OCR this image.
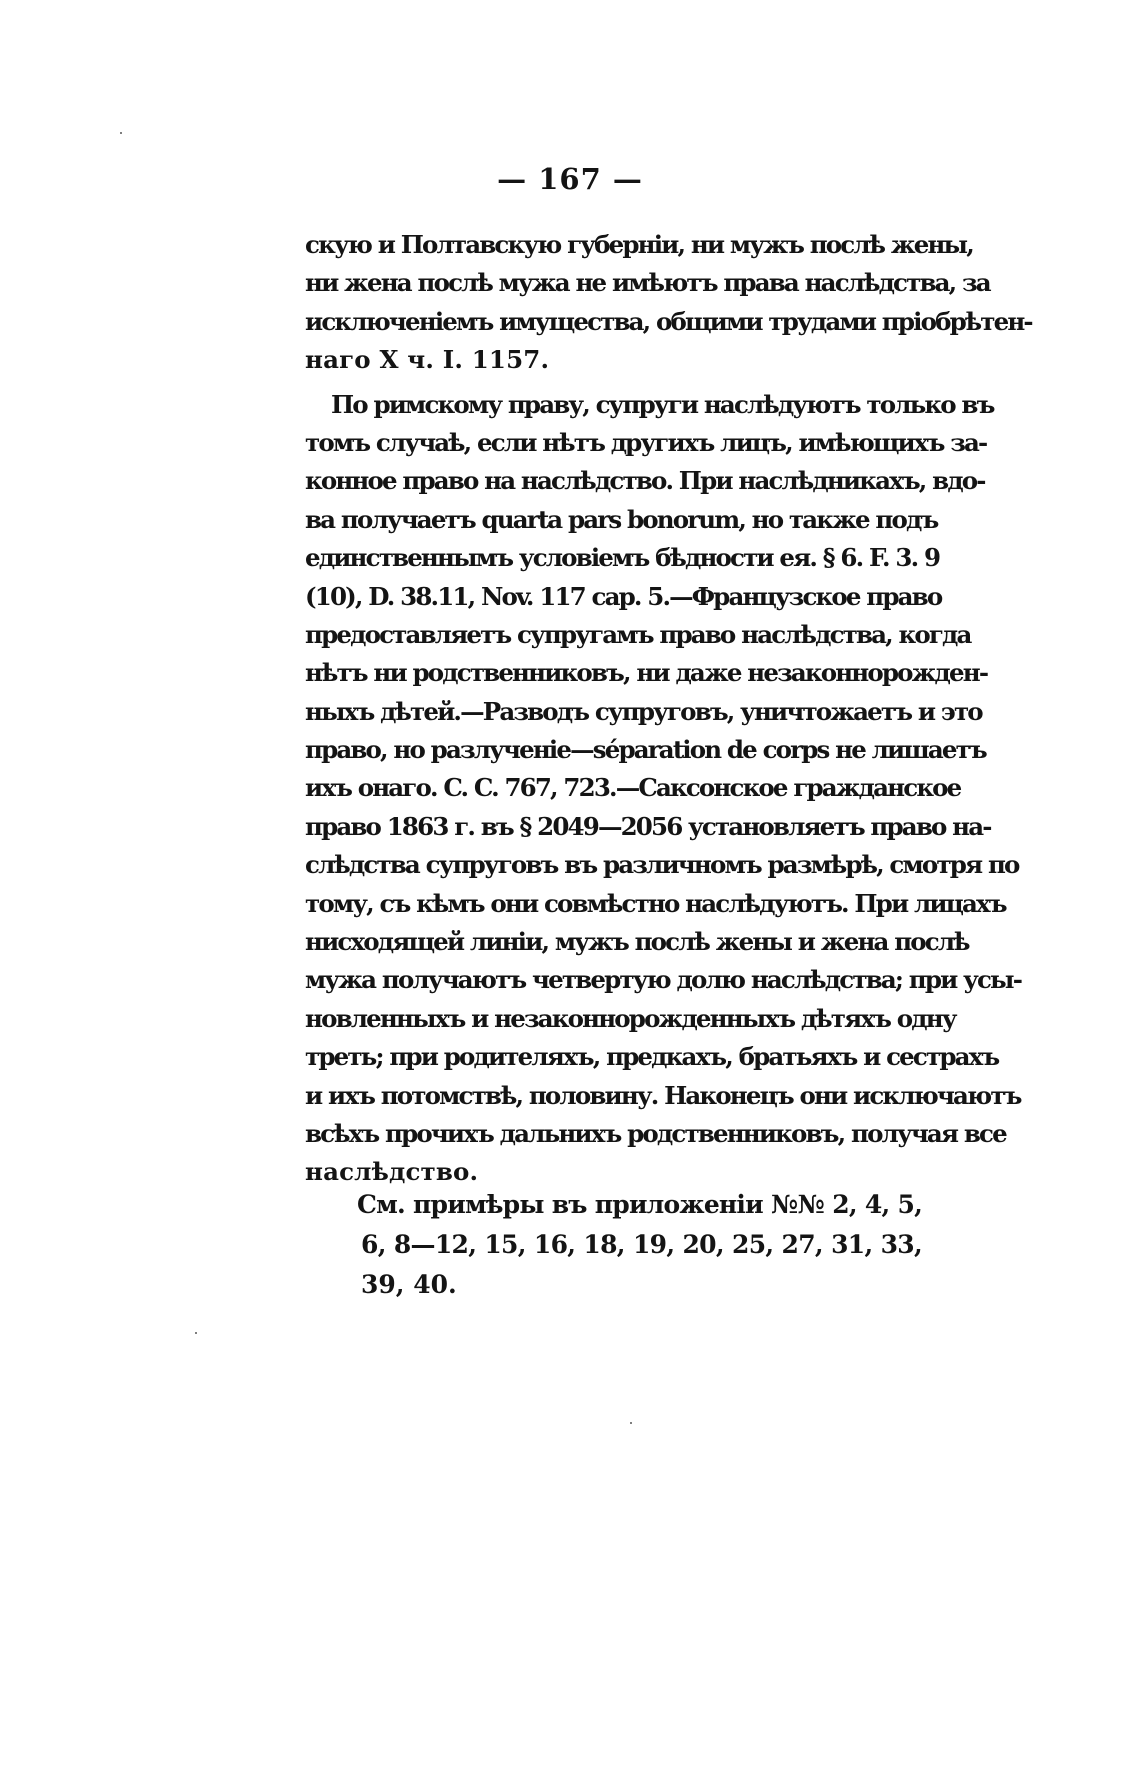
— 167 —
скую и Полтавскую губерніи, ни мужъ послѣ жены,
ни жена послѣ мужа не имѣютъ права наслѣдства, за
исключеніемъ имущества, общими трудами пріобрѣтен-
наго X ч. I. 1157.
По римскому праву, супруги наслѣдуютъ только въ
томъ случаѣ, если нѣтъ другихъ лицъ, имѣющихъ за-
конное право на наслѣдство. При наслѣдникахъ, вдо-
ва получаетъ quarta pars bonorum, но также подъ
единственнымъ условіемъ бѣдности ея. § 6. F. 3. 9
(10), D. 38.11, Nov. 117 cap. 5.—Французское право
предоставляетъ супругамъ право наслѣдства, когда
нѣтъ ни родственниковъ, ни даже незаконнорожден-
ныхъ дѣтей.—Разводъ супруговъ, уничтожаетъ и это
право, но разлученіе—séparation de corps не лишаетъ
ихъ онаго. C. C. 767, 723.—Саксонское гражданское
право 1863 г. въ § 2049—2056 установляетъ право на-
слѣдства супруговъ въ различномъ размѣрѣ, смотря по
тому, съ кѣмъ они совмѣстно наслѣдуютъ. При лицахъ
нисходящей линіи, мужъ послѣ жены и жена послѣ
мужа получаютъ четвертую долю наслѣдства; при усы-
новленныхъ и незаконнорожденныхъ дѣтяхъ одну
треть; при родителяхъ, предкахъ, братьяхъ и сестрахъ
и ихъ потомствѣ, половину. Наконецъ они исключаютъ
всѣхъ прочихъ дальнихъ родственниковъ, получая все
наслѣдство.
См. примѣры въ приложеніи №№ 2, 4, 5,
6, 8—12, 15, 16, 18, 19, 20, 25, 27, 31, 33,
39, 40.
